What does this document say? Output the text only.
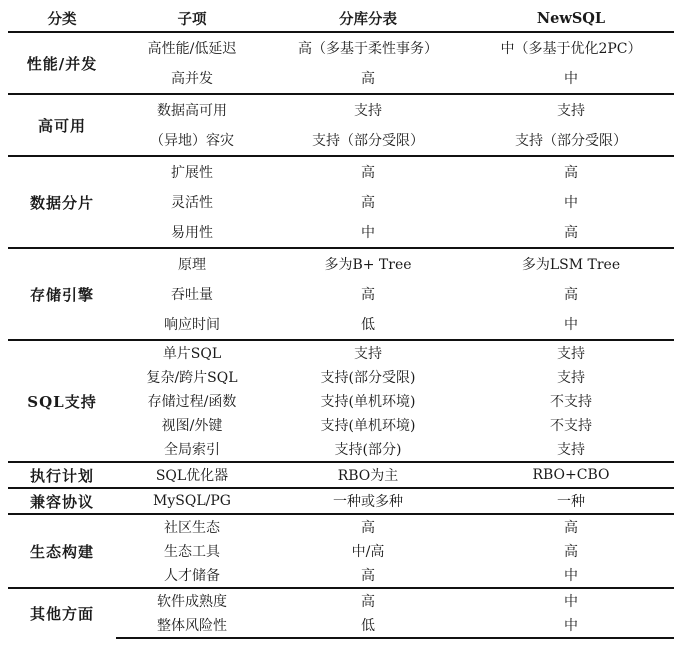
分类	子项	分库分表	NewSQL
性能/并发	高性能/低延迟	高（多基于柔性事务）	中（多基于优化2PC）
	高并发	高	中
高可用	数据高可用	支持	支持
	（异地）容灾	支持（部分受限）	支持（部分受限）
数据分片	扩展性	高	高
	灵活性	高	中
	易用性	中	高
存储引擎	原理	多为B+ Tree	多为LSM Tree
	吞吐量	高	高
	响应时间	低	中
SQL支持	单片SQL	支持	支持
	复杂/跨片SQL	支持(部分受限)	支持
	存储过程/函数	支持(单机环境)	不支持
	视图/外键	支持(单机环境)	不支持
	全局索引	支持(部分)	支持
执行计划	SQL优化器	RBO为主	RBO+CBO
兼容协议	MySQL/PG	一种或多种	一种
生态构建	社区生态	高	高
	生态工具	中/高	高
	人才储备	高	中
其他方面	软件成熟度	高	中
	整体风险性	低	中
